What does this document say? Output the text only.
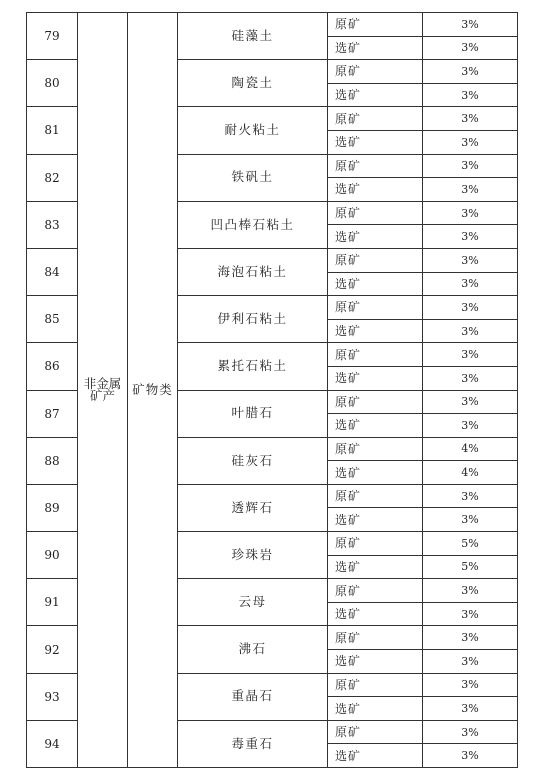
79	非金属矿产	矿物类	硅藻土	原矿	3%
				选矿	3%
80			陶瓷土	原矿	3%
				选矿	3%
81			耐火粘土	原矿	3%
				选矿	3%
82			铁矾土	原矿	3%
				选矿	3%
83			凹凸棒石粘土	原矿	3%
				选矿	3%
84			海泡石粘土	原矿	3%
				选矿	3%
85			伊利石粘土	原矿	3%
				选矿	3%
86			累托石粘土	原矿	3%
				选矿	3%
87			叶腊石	原矿	3%
				选矿	3%
88			硅灰石	原矿	4%
				选矿	4%
89			透辉石	原矿	3%
				选矿	3%
90			珍珠岩	原矿	5%
				选矿	5%
91			云母	原矿	3%
				选矿	3%
92			沸石	原矿	3%
				选矿	3%
93			重晶石	原矿	3%
				选矿	3%
94			毒重石	原矿	3%
				选矿	3%
